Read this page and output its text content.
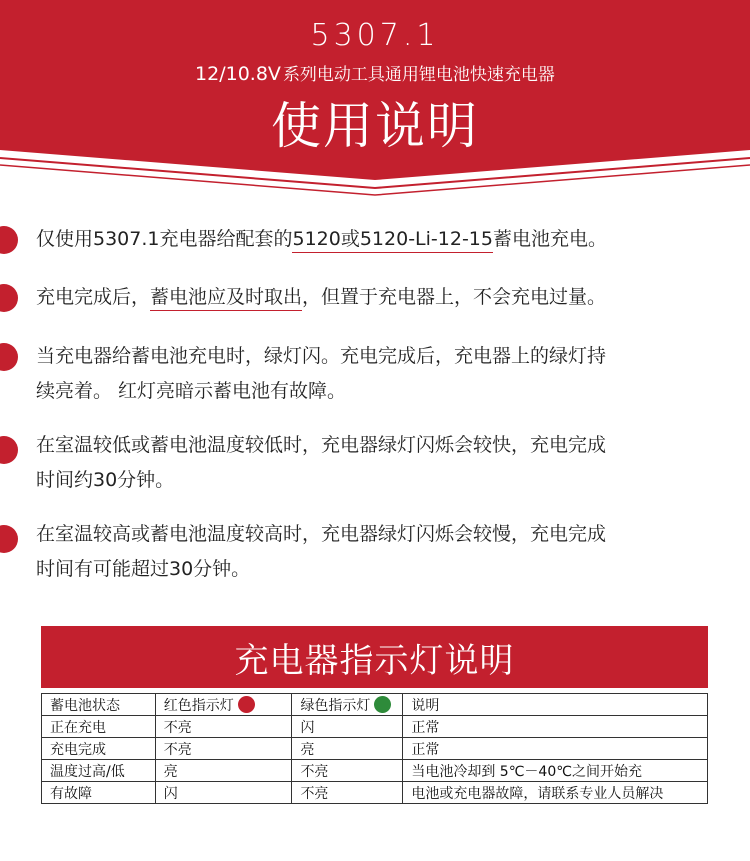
5307.1
12/10.8V 系列电动工具通用锂电池快速充电器
使用说明
仅使用5307.1充电器给配套的5120或5120-Li-12-15蓄电池充电。
充电完成后，蓄电池应及时取出，但置于充电器上，不会充电过量。
当充电器给蓄电池充电时，绿灯闪。充电完成后，充电器上的绿灯持
续亮着。 红灯亮暗示蓄电池有故障。
在室温较低或蓄电池温度较低时，充电器绿灯闪烁会较快，充电完成
时间约30分钟。
在室温较高或蓄电池温度较高时，充电器绿灯闪烁会较慢，充电完成
时间有可能超过30分钟。
充电器指示灯说明
蓄电池状态	红色指示灯	绿色指示灯	说明
正在充电	不亮	闪	正常
充电完成	不亮	亮	正常
温度过高/低	亮	不亮	当电池冷却到 5℃－40℃之间开始充
有故障	闪	不亮	电池或充电器故障，请联系专业人员解决
